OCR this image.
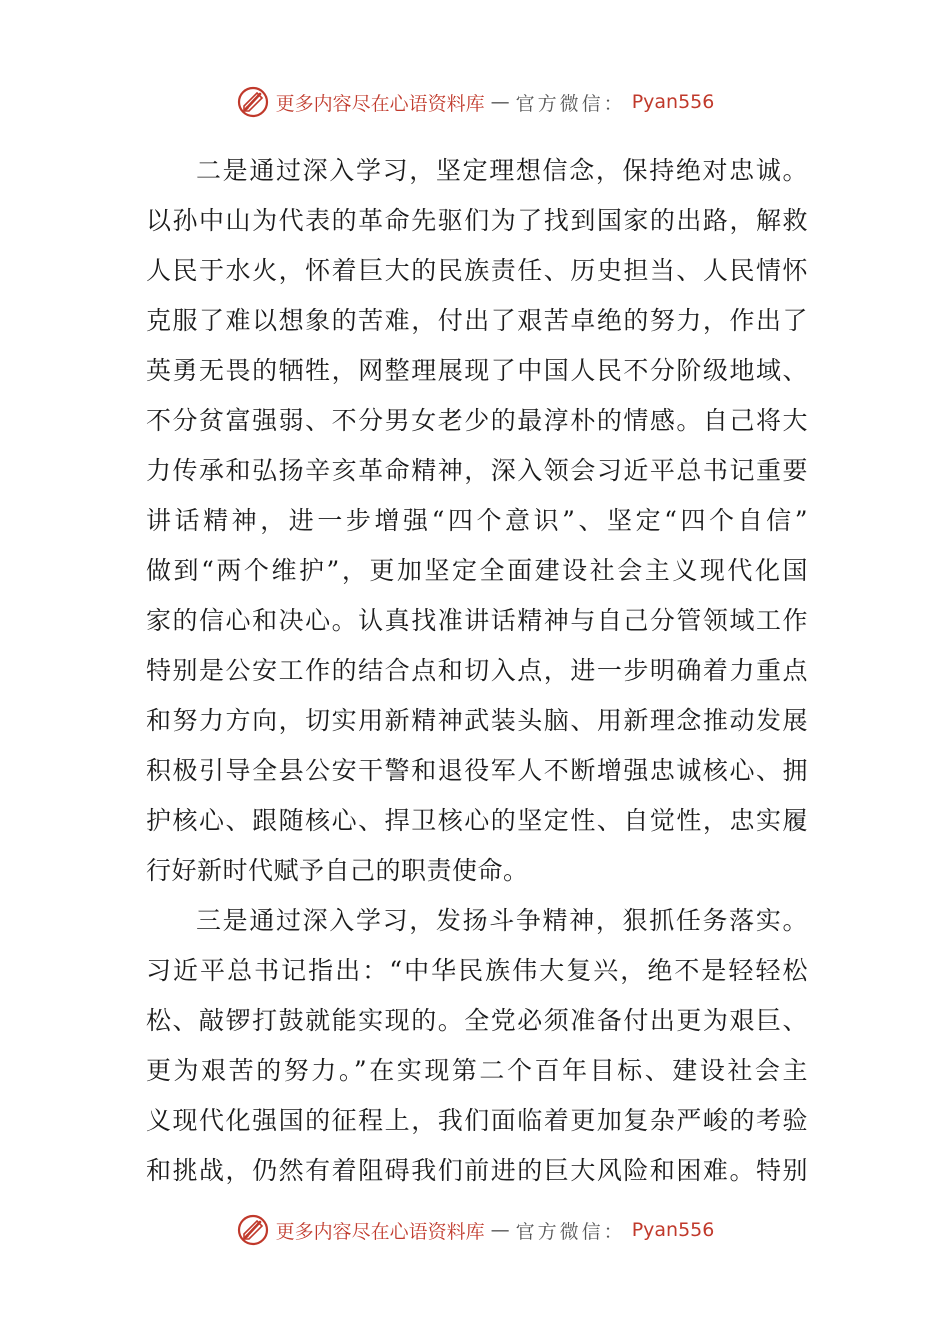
更多内容尽在心语资料库 — 官方微信： Pyan556
二是通过深入学习，坚定理想信念，保持绝对忠诚。
以孙中山为代表的革命先驱们为了找到国家的出路，解救
人民于水火，怀着巨大的民族责任、历史担当、人民情怀
克服了难以想象的苦难，付出了艰苦卓绝的努力，作出了
英勇无畏的牺牲，网整理展现了中国人民不分阶级地域、
不分贫富强弱、不分男女老少的最淳朴的情感。自己将大
力传承和弘扬辛亥革命精神，深入领会习近平总书记重要
讲话精神，进一步增强“四个意识”、坚定“四个自信”
做到“两个维护”，更加坚定全面建设社会主义现代化国
家的信心和决心。认真找准讲话精神与自己分管领域工作
特别是公安工作的结合点和切入点，进一步明确着力重点
和努力方向，切实用新精神武装头脑、用新理念推动发展
积极引导全县公安干警和退役军人不断增强忠诚核心、拥
护核心、跟随核心、捍卫核心的坚定性、自觉性，忠实履
行好新时代赋予自己的职责使命。
三是通过深入学习，发扬斗争精神，狠抓任务落实。
习近平总书记指出：“中华民族伟大复兴，绝不是轻轻松
松、敲锣打鼓就能实现的。全党必须准备付出更为艰巨、
更为艰苦的努力。”在实现第二个百年目标、建设社会主
义现代化强国的征程上，我们面临着更加复杂严峻的考验
和挑战，仍然有着阻碍我们前进的巨大风险和困难。特别
更多内容尽在心语资料库 — 官方微信： Pyan556
